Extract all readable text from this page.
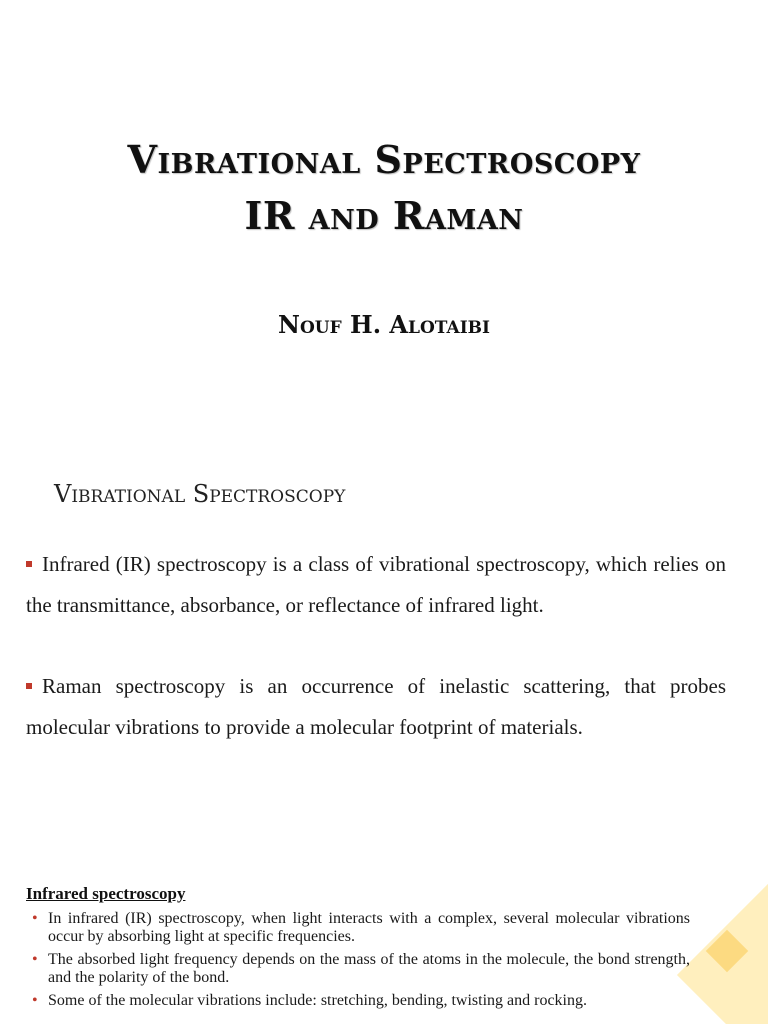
Vibrational Spectroscopy
IR and Raman
Nouf H. Alotaibi
Vibrational Spectroscopy
Infrared (IR) spectroscopy is a class of vibrational spectroscopy, which relies on the transmittance, absorbance, or reflectance of infrared light.
Raman spectroscopy is an occurrence of inelastic scattering, that probes molecular vibrations to provide a molecular footprint of materials.
Infrared spectroscopy
• In infrared (IR) spectroscopy, when light interacts with a complex, several molecular vibrations occur by absorbing light at specific frequencies.
• The absorbed light frequency depends on the mass of the atoms in the molecule, the bond strength, and the polarity of the bond.
• Some of the molecular vibrations include: stretching, bending, twisting and rocking.
